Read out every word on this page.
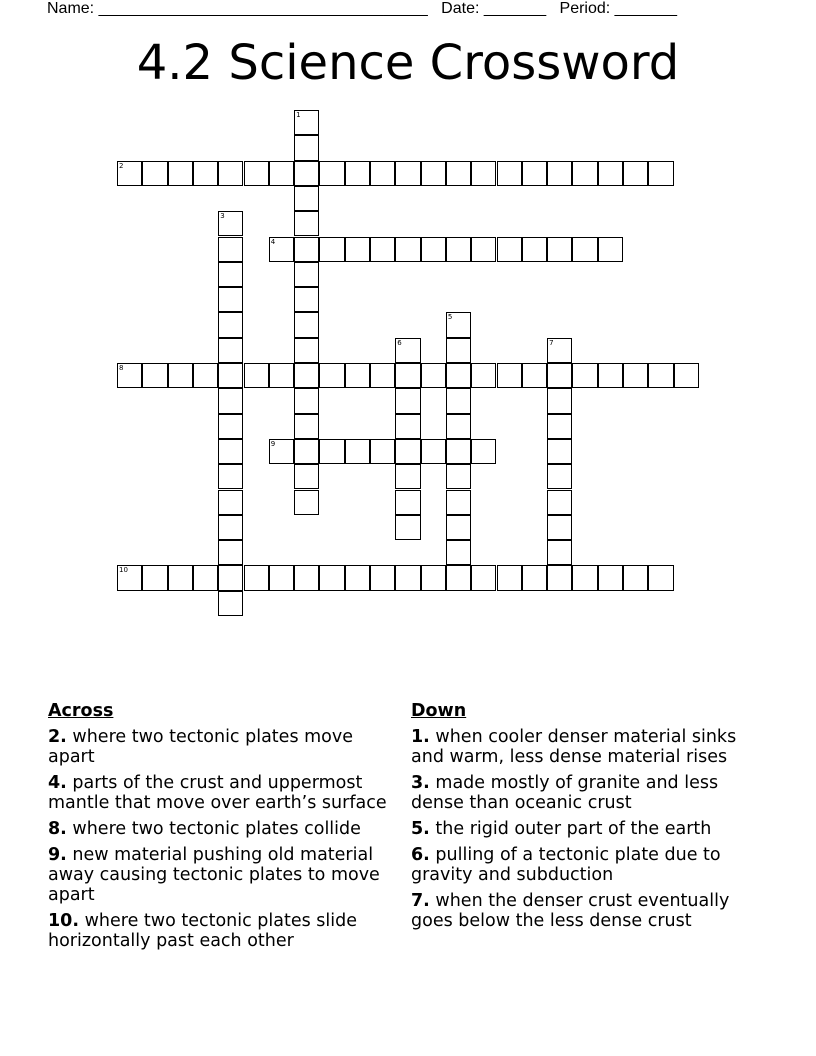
Name: _____________________________________ Date: _______ Period: _______
4.2 Science Crossword
1
2
3
4
5
6	7
8
9
10
Across
2. where two tectonic plates move apart
4. parts of the crust and uppermost mantle that move over earth’s surface
8. where two tectonic plates collide
9. new material pushing old material away causing tectonic plates to move apart
10. where two tectonic plates slide horizontally past each other
Down
1. when cooler denser material sinks and warm, less dense material rises
3. made mostly of granite and less dense than oceanic crust
5. the rigid outer part of the earth
6. pulling of a tectonic plate due to gravity and subduction
7. when the denser crust eventually goes below the less dense crust
